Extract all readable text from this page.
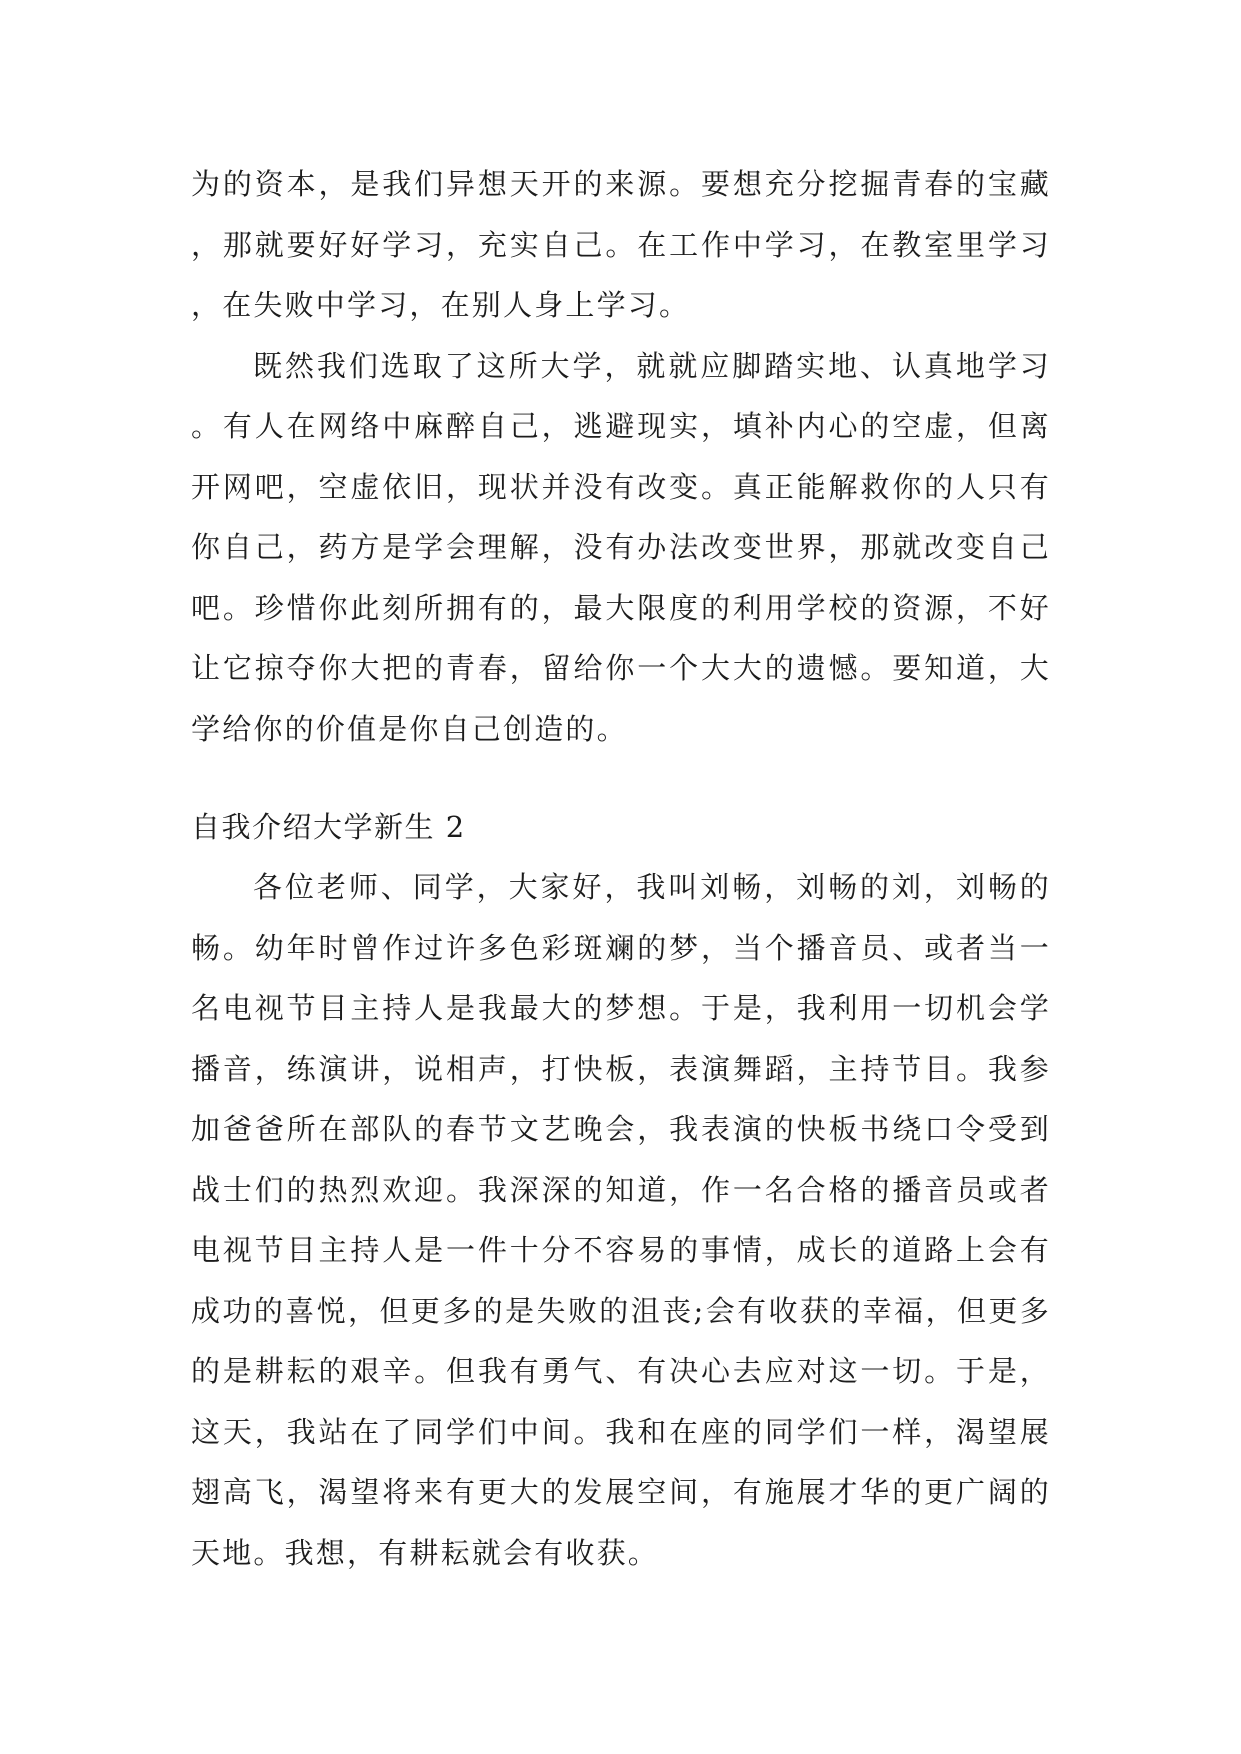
为的资本，是我们异想天开的来源。要想充分挖掘青春的宝藏，那就要好好学习，充实自己。在工作中学习，在教室里学习，在失败中学习，在别人身上学习。

既然我们选取了这所大学，就就应脚踏实地、认真地学习。有人在网络中麻醉自己，逃避现实，填补内心的空虚，但离开网吧，空虚依旧，现状并没有改变。真正能解救你的人只有你自己，药方是学会理解，没有办法改变世界，那就改变自己吧。珍惜你此刻所拥有的，最大限度的利用学校的资源，不好让它掠夺你大把的青春，留给你一个大大的遗憾。要知道，大学给你的价值是你自己创造的。

自我介绍大学新生 2

各位老师、同学，大家好，我叫刘畅，刘畅的刘，刘畅的畅。幼年时曾作过许多色彩斑斓的梦，当个播音员、或者当一名电视节目主持人是我最大的梦想。于是，我利用一切机会学播音，练演讲，说相声，打快板，表演舞蹈，主持节目。我参加爸爸所在部队的春节文艺晚会，我表演的快板书绕口令受到战士们的热烈欢迎。我深深的知道，作一名合格的播音员或者电视节目主持人是一件十分不容易的事情，成长的道路上会有成功的喜悦，但更多的是失败的沮丧;会有收获的幸福，但更多的是耕耘的艰辛。但我有勇气、有决心去应对这一切。于是，这天，我站在了同学们中间。我和在座的同学们一样，渴望展翅高飞，渴望将来有更大的发展空间，有施展才华的更广阔的天地。我想，有耕耘就会有收获。
